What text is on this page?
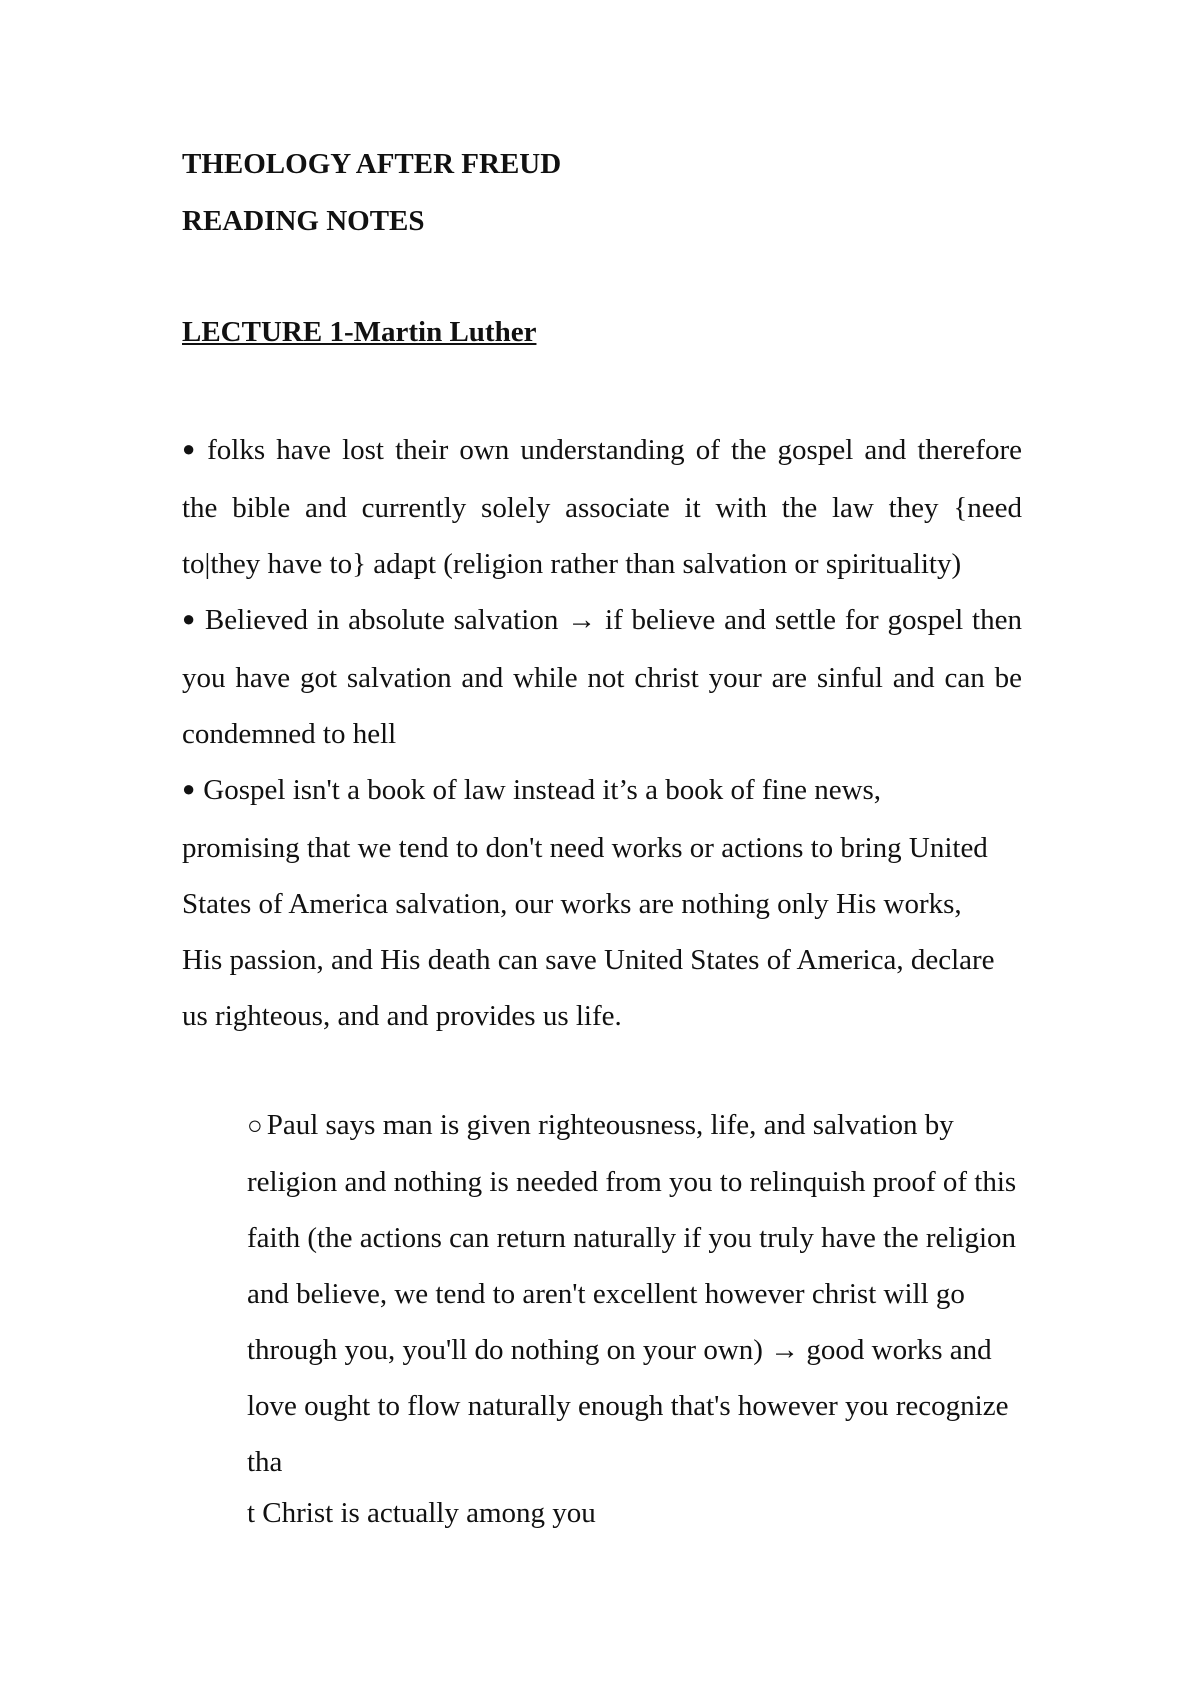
THEOLOGY AFTER FREUD
READING NOTES
LECTURE 1-Martin Luther

● folks have lost their own understanding of the gospel and therefore the bible and currently solely associate it with the law they {need to|they have to} adapt (religion rather than salvation or spirituality)

● Believed in absolute salvation → if believe and settle for gospel then you have got salvation and while not christ your are sinful and can be condemned to hell

● Gospel isn't a book of law instead it’s a book of fine news, promising that we tend to don't need works or actions to bring United States of America salvation, our works are nothing only His works, His passion, and His death can save United States of America, declare us righteous, and and provides us life.

○ Paul says man is given righteousness, life, and salvation by religion and nothing is needed from you to relinquish proof of this faith (the actions can return naturally if you truly have the religion and believe, we tend to aren't excellent however christ will go through you, you'll do nothing on your own) → good works and love ought to flow naturally enough that's however you recognize tha
t Christ is actually among you
